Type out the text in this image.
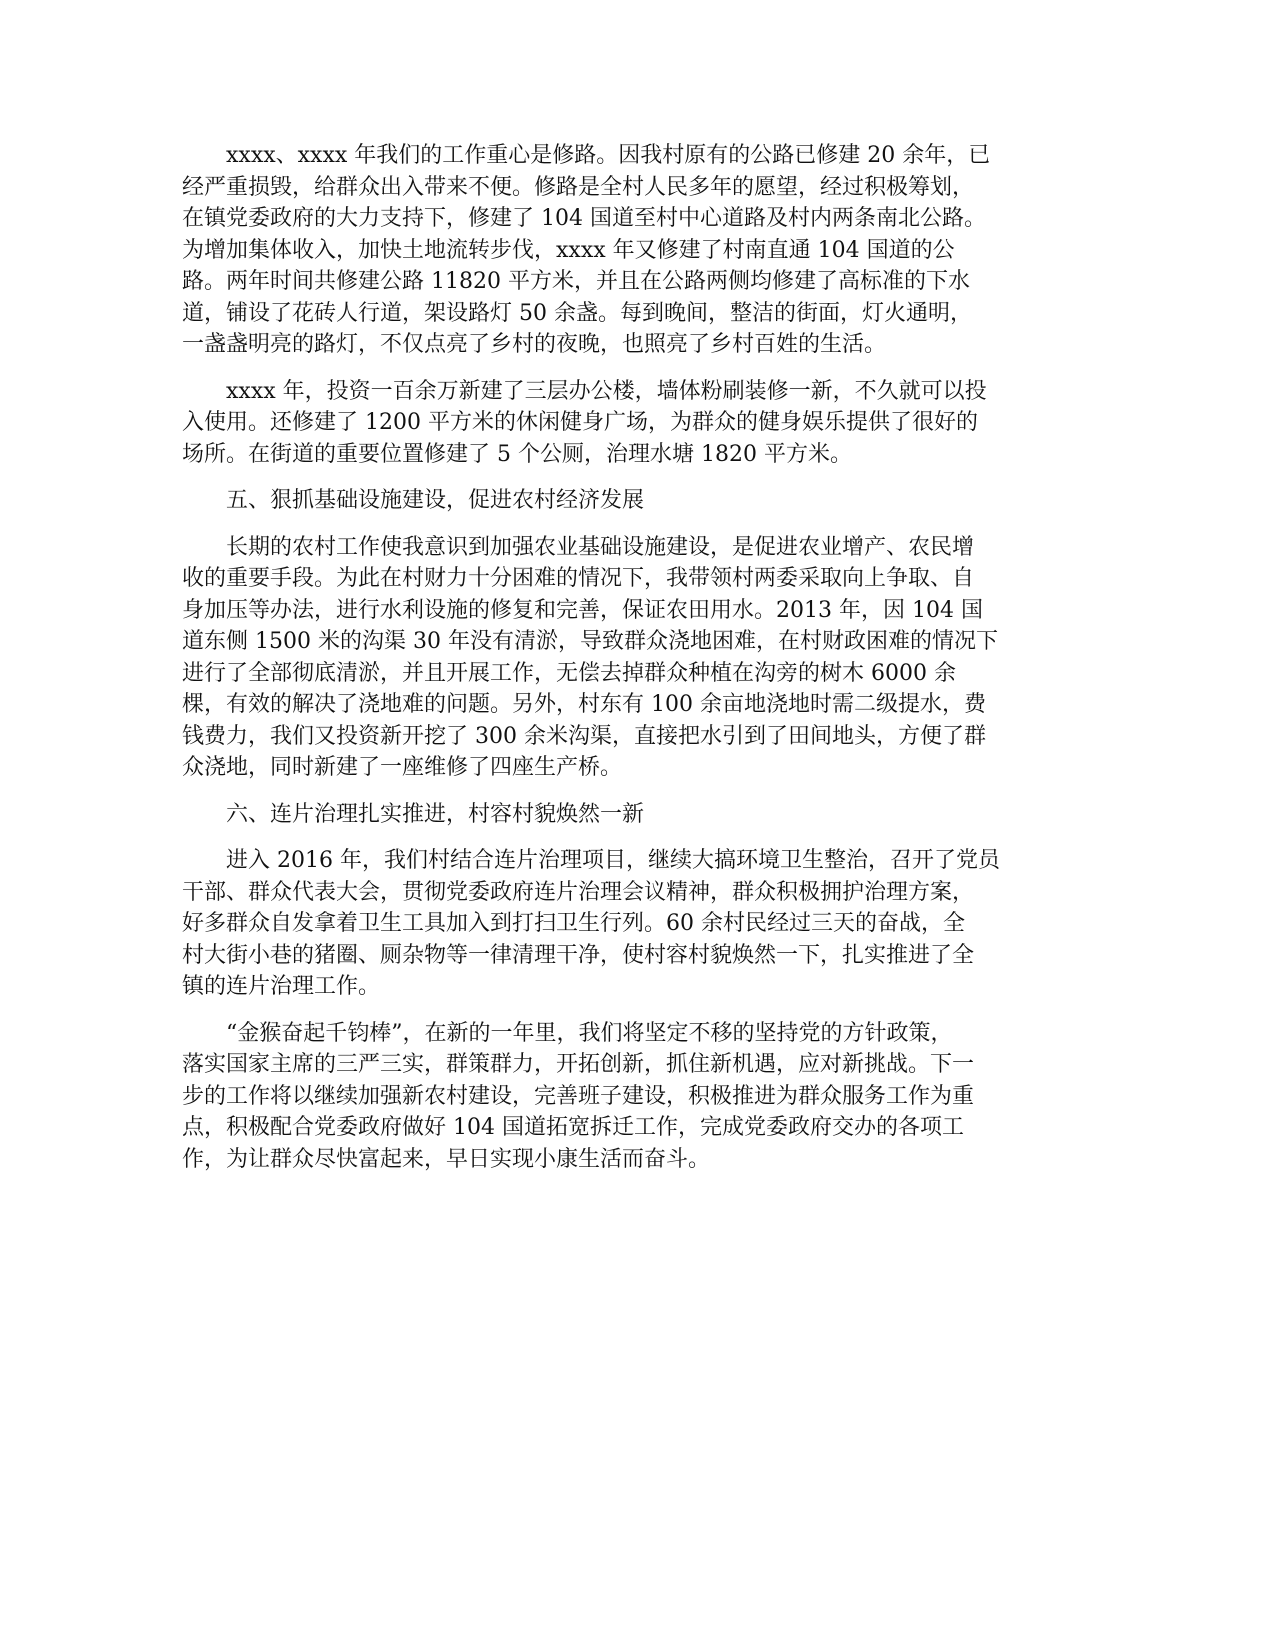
xxxx、xxxx 年我们的工作重心是修路。因我村原有的公路已修建 20 余年，已
经严重损毁，给群众出入带来不便。修路是全村人民多年的愿望，经过积极筹划，
在镇党委政府的大力支持下，修建了 104 国道至村中心道路及村内两条南北公路。
为增加集体收入，加快土地流转步伐，xxxx 年又修建了村南直通 104 国道的公
路。两年时间共修建公路 11820 平方米，并且在公路两侧均修建了高标准的下水
道，铺设了花砖人行道，架设路灯 50 余盏。每到晚间，整洁的街面，灯火通明，
一盏盏明亮的路灯，不仅点亮了乡村的夜晚，也照亮了乡村百姓的生活。

xxxx 年，投资一百余万新建了三层办公楼，墙体粉刷装修一新，不久就可以投
入使用。还修建了 1200 平方米的休闲健身广场，为群众的健身娱乐提供了很好的
场所。在街道的重要位置修建了 5 个公厕，治理水塘 1820 平方米。

五、狠抓基础设施建设，促进农村经济发展

长期的农村工作使我意识到加强农业基础设施建设，是促进农业增产、农民增
收的重要手段。为此在村财力十分困难的情况下，我带领村两委采取向上争取、自
身加压等办法，进行水利设施的修复和完善，保证农田用水。2013 年，因 104 国
道东侧 1500 米的沟渠 30 年没有清淤，导致群众浇地困难，在村财政困难的情况下
进行了全部彻底清淤，并且开展工作，无偿去掉群众种植在沟旁的树木 6000 余
棵，有效的解决了浇地难的问题。另外，村东有 100 余亩地浇地时需二级提水，费
钱费力，我们又投资新开挖了 300 余米沟渠，直接把水引到了田间地头，方便了群
众浇地，同时新建了一座维修了四座生产桥。

六、连片治理扎实推进，村容村貌焕然一新

进入 2016 年，我们村结合连片治理项目，继续大搞环境卫生整治，召开了党员
干部、群众代表大会，贯彻党委政府连片治理会议精神，群众积极拥护治理方案，
好多群众自发拿着卫生工具加入到打扫卫生行列。60 余村民经过三天的奋战，全
村大街小巷的猪圈、厕杂物等一律清理干净，使村容村貌焕然一下，扎实推进了全
镇的连片治理工作。

“金猴奋起千钧棒”，在新的一年里，我们将坚定不移的坚持党的方针政策，
落实国家主席的三严三实，群策群力，开拓创新，抓住新机遇，应对新挑战。下一
步的工作将以继续加强新农村建设，完善班子建设，积极推进为群众服务工作为重
点，积极配合党委政府做好 104 国道拓宽拆迁工作，完成党委政府交办的各项工
作，为让群众尽快富起来，早日实现小康生活而奋斗。
